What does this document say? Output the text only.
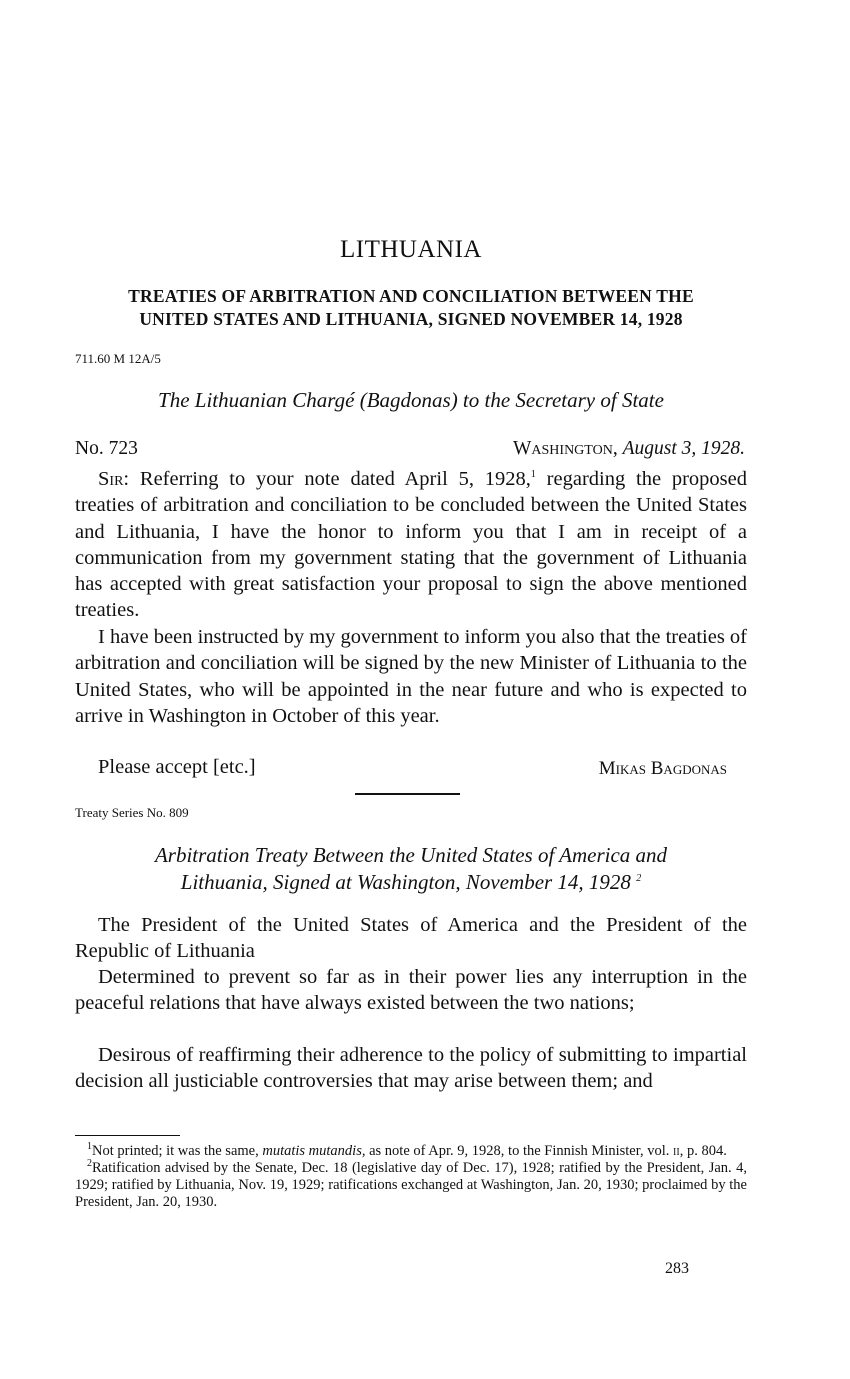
LITHUANIA
TREATIES OF ARBITRATION AND CONCILIATION BETWEEN THE
UNITED STATES AND LITHUANIA, SIGNED NOVEMBER 14, 1928
711.60 M 12A/5
The Lithuanian Chargé (Bagdonas) to the Secretary of State
No. 723	Washington, August 3, 1928.
Sir: Referring to your note dated April 5, 1928,$^1$ regarding the proposed treaties of arbitration and conciliation to be concluded between the United States and Lithuania, I have the honor to inform you that I am in receipt of a communication from my government stating that the government of Lithuania has accepted with great satisfaction your proposal to sign the above mentioned treaties.
I have been instructed by my government to inform you also that the treaties of arbitration and conciliation will be signed by the new Minister of Lithuania to the United States, who will be appointed in the near future and who is expected to arrive in Washington in October of this year.
Please accept [etc.]	Mikas Bagdonas
Treaty Series No. 809
Arbitration Treaty Between the United States of America and
Lithuania, Signed at Washington, November 14, 1928 $^2$
The President of the United States of America and the President of the Republic of Lithuania
Determined to prevent so far as in their power lies any interruption in the peaceful relations that have always existed between the two nations;
Desirous of reaffirming their adherence to the policy of submitting to impartial decision all justiciable controversies that may arise between them; and

$^1$Not printed; it was the same, mutatis mutandis, as note of Apr. 9, 1928, to the Finnish Minister, vol. ii, p. 804.

$^2$Ratification advised by the Senate, Dec. 18 (legislative day of Dec. 17), 1928; ratified by the President, Jan. 4, 1929; ratified by Lithuania, Nov. 19, 1929; ratifications exchanged at Washington, Jan. 20, 1930; proclaimed by the President, Jan. 20, 1930.

283
